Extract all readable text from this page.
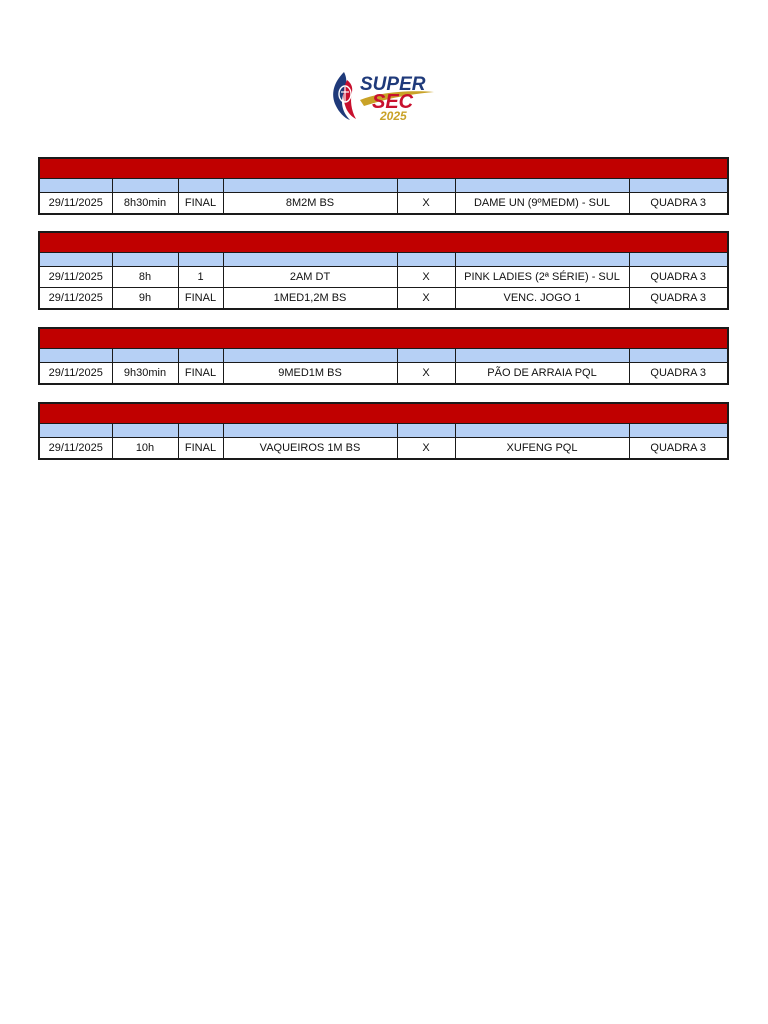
SUPER
SEC
2025

29/11/2025	8h30min	FINAL	8M2M BS	X	DAME UN (9ºMEDM) - SUL	QUADRA 3

29/11/2025	8h	1	2AM DT	X	PINK LADIES (2ª SÉRIE) - SUL	QUADRA 3
29/11/2025	9h	FINAL	1MED1,2M BS	X	VENC. JOGO 1	QUADRA 3

29/11/2025	9h30min	FINAL	9MED1M BS	X	PÃO DE ARRAIA PQL	QUADRA 3

29/11/2025	10h	FINAL	VAQUEIROS 1M BS	X	XUFENG PQL	QUADRA 3
